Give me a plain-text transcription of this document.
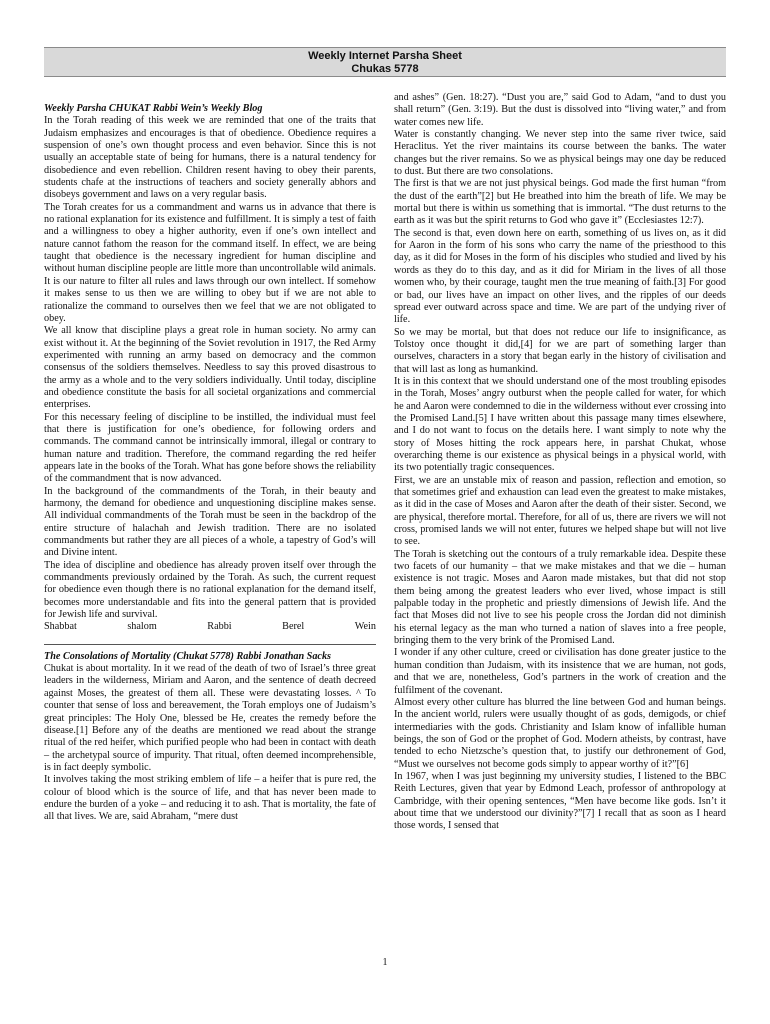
Weekly Internet Parsha Sheet
Chukas 5778
Weekly Parsha CHUKAT Rabbi Wein’s Weekly Blog

In the Torah reading of this week we are reminded that one of the traits that Judaism emphasizes and encourages is that of obedience. Obedience requires a suspension of one’s own thought process and even behavior. Since this is not usually an acceptable state of being for humans, there is a natural tendency for disobedience and even rebellion. Children resent having to obey their parents, students chafe at the instructions of teachers and society generally abhors and disobeys government and laws on a very regular basis.

The Torah creates for us a commandment and warns us in advance that there is no rational explanation for its existence and fulfillment. It is simply a test of faith and a willingness to obey a higher authority, even if one’s own intellect and nature cannot fathom the reason for the command itself. In effect, we are being taught that obedience is the necessary ingredient for human discipline and without human discipline people are little more than uncontrollable wild animals.

It is our nature to filter all rules and laws through our own intellect. If somehow it makes sense to us then we are willing to obey but if we are not able to rationalize the command to ourselves then we feel that we are not obligated to obey.

We all know that discipline plays a great role in human society. No army can exist without it. At the beginning of the Soviet revolution in 1917, the Red Army experimented with running an army based on democracy and the common consensus of the soldiers themselves. Needless to say this proved disastrous to the army as a whole and to the very soldiers individually. Until today, discipline and obedience constitute the basis for all societal organizations and commercial enterprises.

For this necessary feeling of discipline to be instilled, the individual must feel that there is justification for one’s obedience, for following orders and commands. The command cannot be intrinsically immoral, illegal or contrary to human nature and tradition. Therefore, the command regarding the red heifer appears late in the books of the Torah. What has gone before shows the reliability of the commandment that is now advanced.

In the background of the commandments of the Torah, in their beauty and harmony, the demand for obedience and unquestioning discipline makes sense. All individual commandments of the Torah must be seen in the backdrop of the entire structure of halachah and Jewish tradition. There are no isolated commandments but rather they are all pieces of a whole, a tapestry of God’s will and Divine intent.

The idea of discipline and obedience has already proven itself over through the commandments previously ordained by the Torah. As such, the current request for obedience even though there is no rational explanation for the demand itself, becomes more understandable and fits into the general pattern that is provided for Jewish life and survival.

Shabbat	shalom	Rabbi	Berel	Wein
The Consolations of Mortality (Chukat 5778) Rabbi Jonathan Sacks

Chukat is about mortality. In it we read of the death of two of Israel’s three great leaders in the wilderness, Miriam and Aaron, and the sentence of death decreed against Moses, the greatest of them all. These were devastating losses. ^ To counter that sense of loss and bereavement, the Torah employs one of Judaism’s great principles: The Holy One, blessed be He, creates the remedy before the disease.[1] Before any of the deaths are mentioned we read about the strange ritual of the red heifer, which purified people who had been in contact with death – the archetypal source of impurity. That ritual, often deemed incomprehensible, is in fact deeply symbolic.

It involves taking the most striking emblem of life – a heifer that is pure red, the colour of blood which is the source of life, and that has never been made to endure the burden of a yoke – and reducing it to ash. That is mortality, the fate of all that lives. We are, said Abraham, “mere dust

and ashes” (Gen. 18:27). “Dust you are,” said God to Adam, “and to dust you shall return” (Gen. 3:19). But the dust is dissolved into “living water,” and from water comes new life.

Water is constantly changing. We never step into the same river twice, said Heraclitus. Yet the river maintains its course between the banks. The water changes but the river remains. So we as physical beings may one day be reduced to dust. But there are two consolations.

The first is that we are not just physical beings. God made the first human “from the dust of the earth”[2] but He breathed into him the breath of life. We may be mortal but there is within us something that is immortal. “The dust returns to the earth as it was but the spirit returns to God who gave it” (Ecclesiastes 12:7).

The second is that, even down here on earth, something of us lives on, as it did for Aaron in the form of his sons who carry the name of the priesthood to this day, as it did for Moses in the form of his disciples who studied and lived by his words as they do to this day, and as it did for Miriam in the lives of all those women who, by their courage, taught men the true meaning of faith.[3] For good or bad, our lives have an impact on other lives, and the ripples of our deeds spread ever outward across space and time. We are part of the undying river of life.

So we may be mortal, but that does not reduce our life to insignificance, as Tolstoy once thought it did,[4] for we are part of something larger than ourselves, characters in a story that began early in the history of civilisation and that will last as long as humankind.

It is in this context that we should understand one of the most troubling episodes in the Torah, Moses’ angry outburst when the people called for water, for which he and Aaron were condemned to die in the wilderness without ever crossing into the Promised Land.[5] I have written about this passage many times elsewhere, and I do not want to focus on the details here. I want simply to note why the story of Moses hitting the rock appears here, in parshat Chukat, whose overarching theme is our existence as physical beings in a physical world, with its two potentially tragic consequences.

First, we are an unstable mix of reason and passion, reflection and emotion, so that sometimes grief and exhaustion can lead even the greatest to make mistakes, as it did in the case of Moses and Aaron after the death of their sister. Second, we are physical, therefore mortal. Therefore, for all of us, there are rivers we will not cross, promised lands we will not enter, futures we helped shape but will not live to see.

The Torah is sketching out the contours of a truly remarkable idea. Despite these two facets of our humanity – that we make mistakes and that we die – human existence is not tragic. Moses and Aaron made mistakes, but that did not stop them being among the greatest leaders who ever lived, whose impact is still palpable today in the prophetic and priestly dimensions of Jewish life. And the fact that Moses did not live to see his people cross the Jordan did not diminish his eternal legacy as the man who turned a nation of slaves into a free people, bringing them to the very brink of the Promised Land.

I wonder if any other culture, creed or civilisation has done greater justice to the human condition than Judaism, with its insistence that we are human, not gods, and that we are, nonetheless, God’s partners in the work of creation and the fulfilment of the covenant.

Almost every other culture has blurred the line between God and human beings. In the ancient world, rulers were usually thought of as gods, demigods, or chief intermediaries with the gods. Christianity and Islam know of infallible human beings, the son of God or the prophet of God. Modern atheists, by contrast, have tended to echo Nietzsche’s question that, to justify our dethronement of God, “Must we ourselves not become gods simply to appear worthy of it?”[6]

In 1967, when I was just beginning my university studies, I listened to the BBC Reith Lectures, given that year by Edmond Leach, professor of anthropology at Cambridge, with their opening sentences, “Men have become like gods. Isn’t it about time that we understood our divinity?”[7] I recall that as soon as I heard those words, I sensed that

1
